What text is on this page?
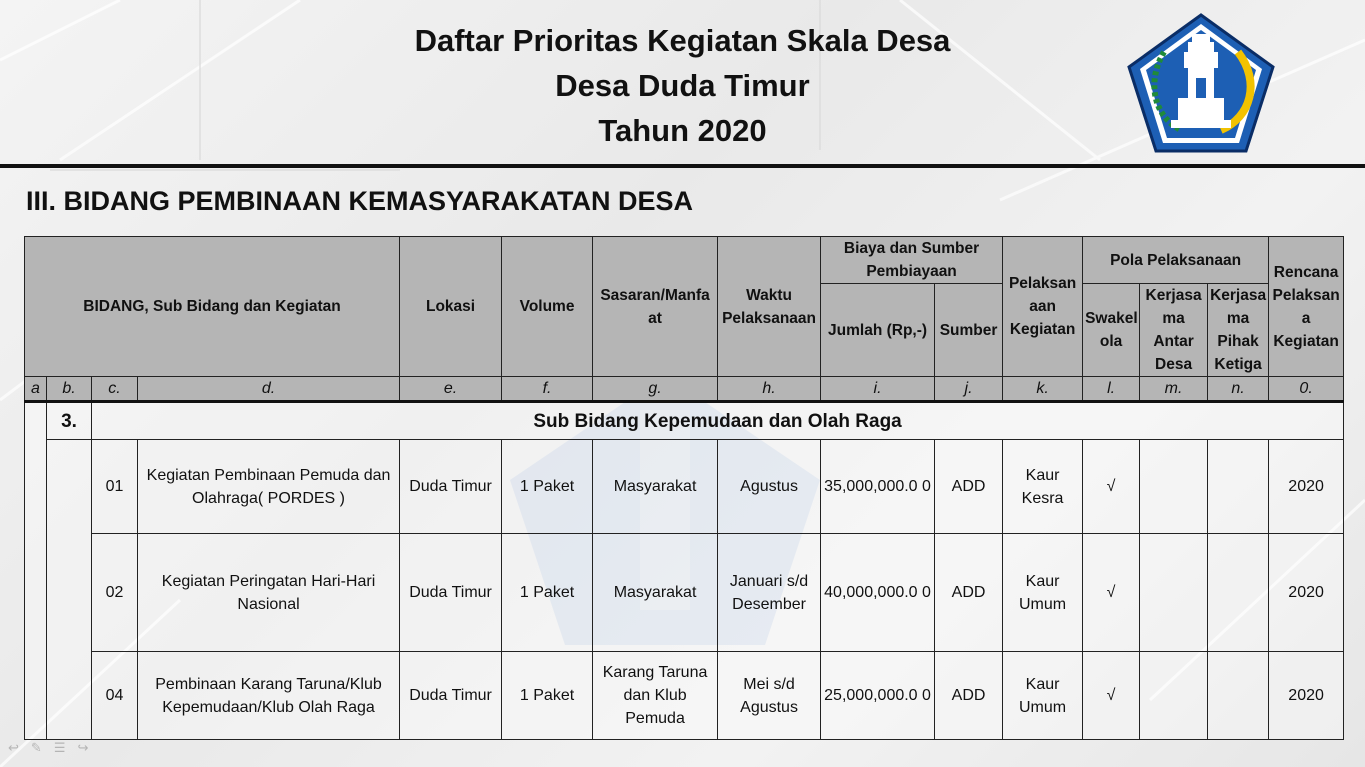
Daftar Prioritas Kegiatan Skala Desa
Desa Duda Timur
Tahun 2020
III. BIDANG PEMBINAAN KEMASYARAKATAN DESA
BIDANG, Sub Bidang dan Kegiatan				Lokasi	Volume	Sasaran/Manfa at	Waktu Pelaksanaan	Biaya dan Sumber Pembiayaan		Pelaksan aan Kegiatan	Pola Pelaksanaan			Rencana Pelaksan a Kegiatan
								Jumlah (Rp,-)	Sumber		Swakel ola	Kerjasa ma Antar Desa	Kerjasa ma Pihak Ketiga	
a	b.	c.	d.	e.	f.	g.	h.	i.	j.	k.	l.	m.	n.	0.
	3.	Sub Bidang Kepemudaan dan Olah Raga												
		01	Kegiatan Pembinaan Pemuda dan Olahraga( PORDES )	Duda Timur	1 Paket	Masyarakat	Agustus	35,000,000.0 0	ADD	Kaur Kesra	√			2020
		02	Kegiatan Peringatan Hari-Hari Nasional	Duda Timur	1 Paket	Masyarakat	Januari s/d Desember	40,000,000.0 0	ADD	Kaur Umum	√			2020
		04	Pembinaan Karang Taruna/Klub Kepemudaan/Klub Olah Raga	Duda Timur	1 Paket	Karang Taruna dan Klub Pemuda	Mei s/d Agustus	25,000,000.0 0	ADD	Kaur Umum	√			2020
↩ ✎ ☰ ↪
